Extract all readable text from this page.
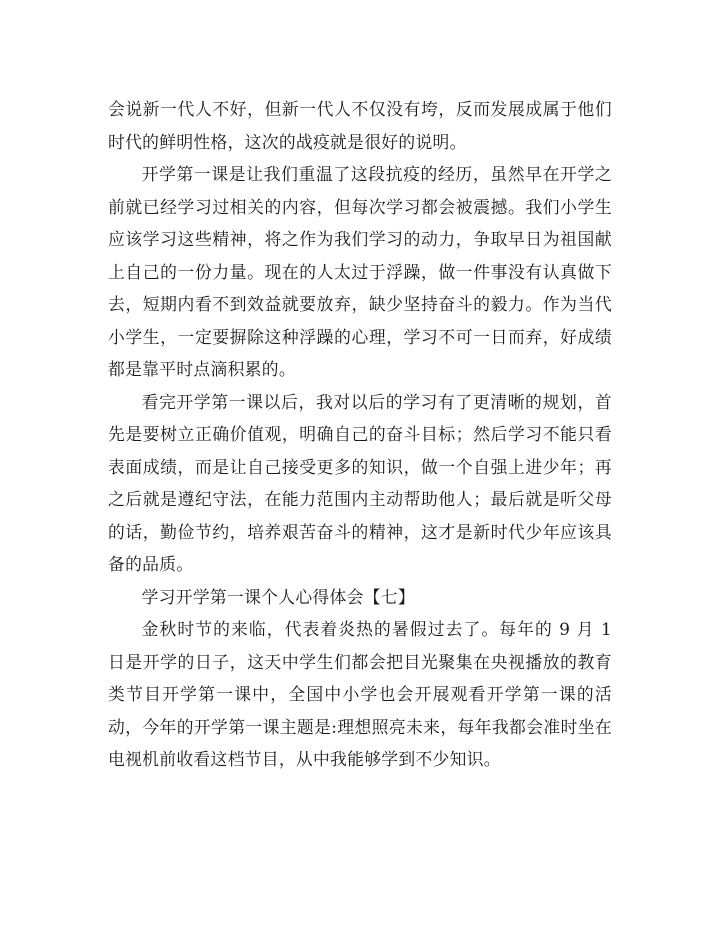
会说新一代人不好，但新一代人不仅没有垮，反而发展成属于他们时代的鲜明性格，这次的战疫就是很好的说明。

开学第一课是让我们重温了这段抗疫的经历，虽然早在开学之前就已经学习过相关的内容，但每次学习都会被震撼。我们小学生应该学习这些精神，将之作为我们学习的动力，争取早日为祖国献上自己的一份力量。现在的人太过于浮躁，做一件事没有认真做下去，短期内看不到效益就要放弃，缺少坚持奋斗的毅力。作为当代小学生，一定要摒除这种浮躁的心理，学习不可一日而弃，好成绩都是靠平时点滴积累的。

看完开学第一课以后，我对以后的学习有了更清晰的规划，首先是要树立正确价值观，明确自己的奋斗目标；然后学习不能只看表面成绩，而是让自己接受更多的知识，做一个自强上进少年；再之后就是遵纪守法，在能力范围内主动帮助他人；最后就是听父母的话，勤俭节约，培养艰苦奋斗的精神，这才是新时代少年应该具备的品质。

学习开学第一课个人心得体会【七】

金秋时节的来临，代表着炎热的暑假过去了。每年的 9 月 1 日是开学的日子，这天中学生们都会把目光聚集在央视播放的教育类节目开学第一课中，全国中小学也会开展观看开学第一课的活动，今年的开学第一课主题是:理想照亮未来，每年我都会准时坐在电视机前收看这档节目，从中我能够学到不少知识。
